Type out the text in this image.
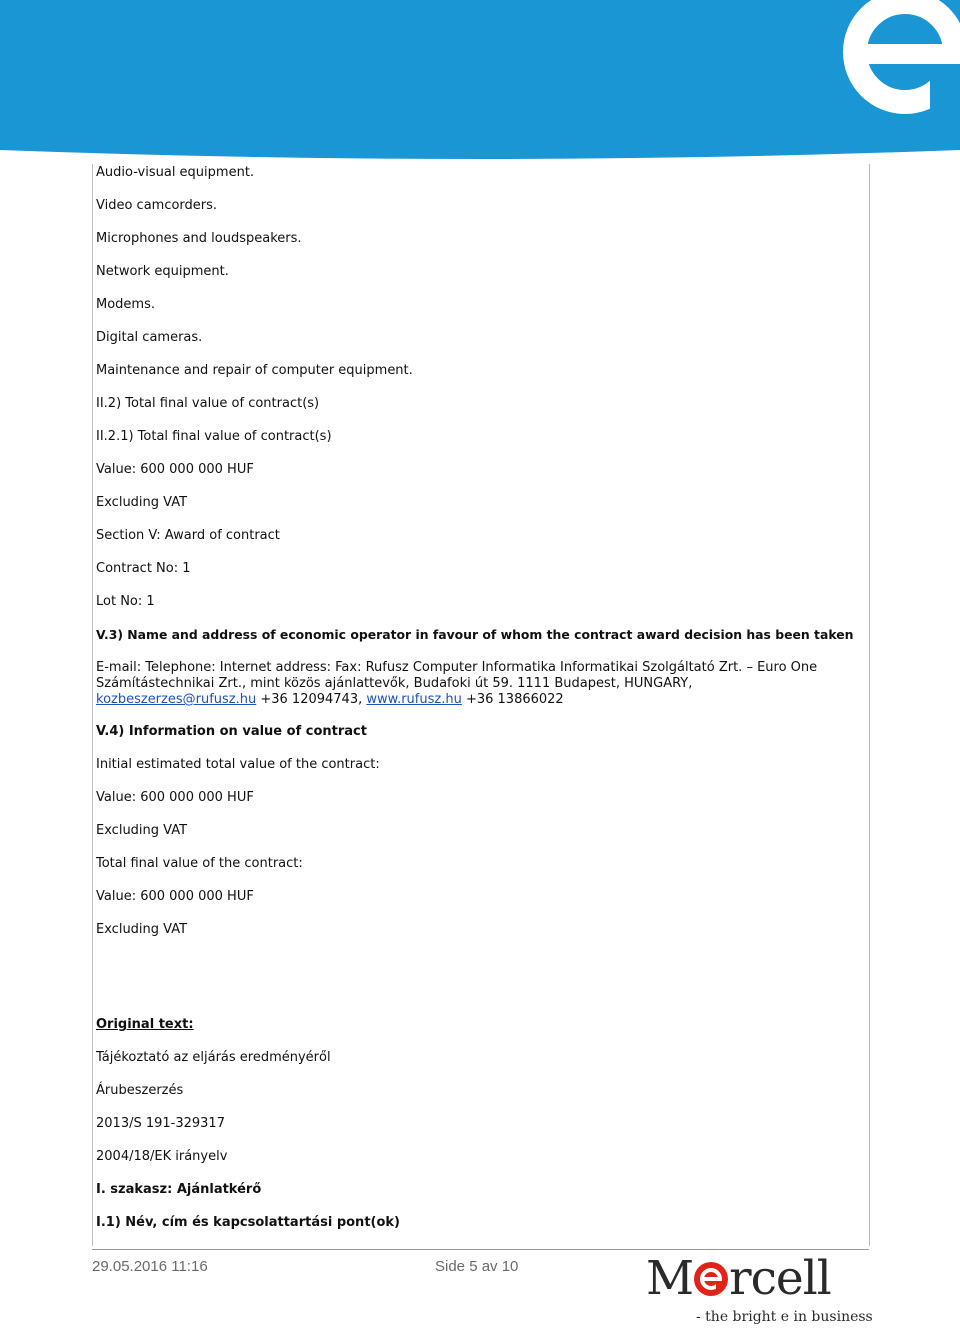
Audio-visual equipment.
Video camcorders.
Microphones and loudspeakers.
Network equipment.
Modems.
Digital cameras.
Maintenance and repair of computer equipment.
II.2) Total final value of contract(s)
II.2.1) Total final value of contract(s)
Value: 600 000 000 HUF
Excluding VAT
Section V: Award of contract
Contract No: 1
Lot No: 1
V.3) Name and address of economic operator in favour of whom the contract award decision has been taken
E-mail: Telephone: Internet address: Fax: Rufusz Computer Informatika Informatikai Szolgáltató Zrt. – Euro One Számítástechnikai Zrt., mint közös ajánlattevők, Budafoki út 59. 1111 Budapest, HUNGARY, kozbeszerzes@rufusz.hu +36 12094743, www.rufusz.hu +36 13866022
V.4) Information on value of contract
Initial estimated total value of the contract:
Value: 600 000 000 HUF
Excluding VAT
Total final value of the contract:
Value: 600 000 000 HUF
Excluding VAT
Original text:
Tájékoztató az eljárás eredményéről
Árubeszerzés
2013/S 191-329317
2004/18/EK irányelv
I. szakasz: Ajánlatkérő
I.1) Név, cím és kapcsolattartási pont(ok)
29.05.2016 11:16	Side 5 av 10	M rcell
- the bright e in business
